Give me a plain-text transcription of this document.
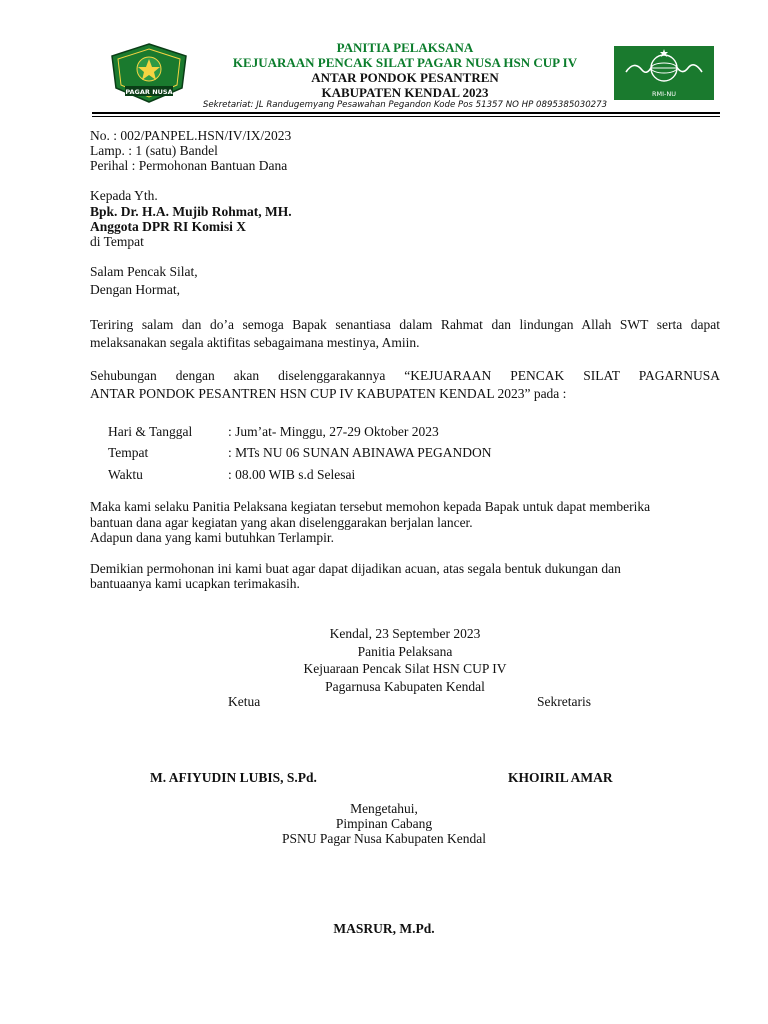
PAGAR NUSA
PANITIA PELAKSANA
KEJUARAAN PENCAK SILAT PAGAR NUSA HSN CUP IV
ANTAR PONDOK PESANTREN
KABUPATEN KENDAL 2023
Sekretariat: JL Randugemyang Pesawahan Pegandon Kode Pos 51357 NO HP 0895385030273
RMI-NU
No. : 002/PANPEL.HSN/IV/IX/2023
Lamp. : 1 (satu) Bandel
Perihal : Permohonan Bantuan Dana
Kepada Yth.
Bpk. Dr. H.A. Mujib Rohmat, MH.
Anggota DPR RI Komisi X
di Tempat
Salam Pencak Silat,
Dengan Hormat,
Teriring salam dan do’a semoga Bapak senantiasa dalam Rahmat dan lindungan Allah SWT serta dapat
melaksanakan segala aktifitas sebagaimana mestinya, Amiin.
Sehubungan dengan akan diselenggarakannya “KEJUARAAN PENCAK SILAT PAGARNUSA
ANTAR PONDOK PESANTREN HSN CUP IV KABUPATEN KENDAL 2023” pada :
Hari & Tanggal	: Jum’at- Minggu, 27-29 Oktober 2023
Tempat	: MTs NU 06 SUNAN ABINAWA PEGANDON
Waktu	: 08.00 WIB s.d Selesai
Maka kami selaku Panitia Pelaksana kegiatan tersebut memohon kepada Bapak untuk dapat memberika
bantuan dana agar kegiatan yang akan diselenggarakan berjalan lancer.
Adapun dana yang kami butuhkan Terlampir.
Demikian permohonan ini kami buat agar dapat dijadikan acuan, atas segala bentuk dukungan dan
bantuaanya kami ucapkan terimakasih.
Kendal, 23 September 2023
Panitia Pelaksana
Kejuaraan Pencak Silat HSN CUP IV
Pagarnusa Kabupaten Kendal
Ketua	Sekretaris
M. AFIYUDIN LUBIS, S.Pd.	KHOIRIL AMAR
Mengetahui,
Pimpinan Cabang
PSNU Pagar Nusa Kabupaten Kendal
MASRUR, M.Pd.
